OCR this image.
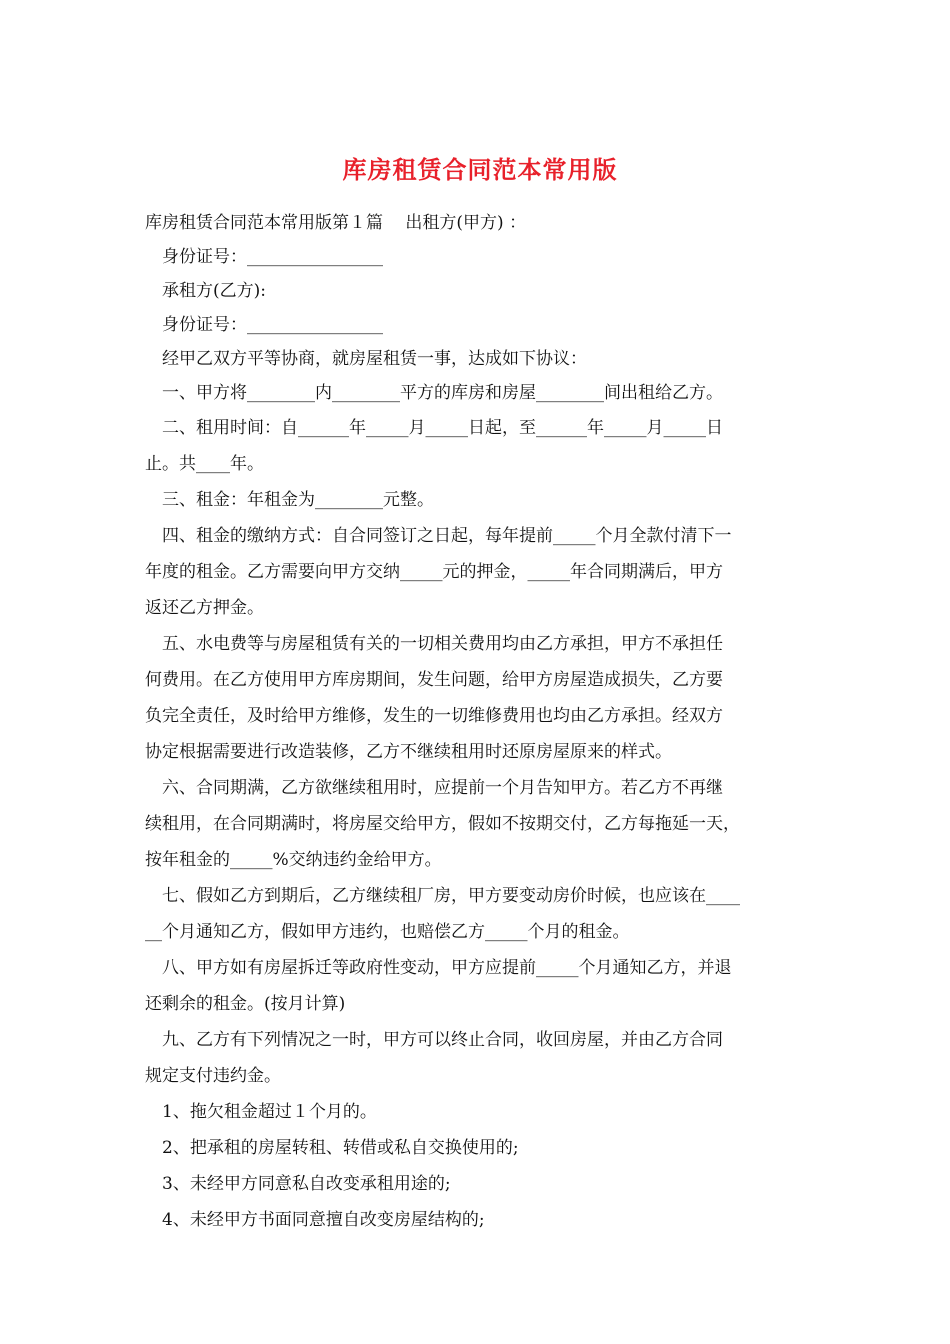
库房租赁合同范本常用版
库房租赁合同范本常用版第１篇　 出租方(甲方) ：
　身份证号：________________
　承租方(乙方):
　身份证号：________________
　经甲乙双方平等协商，就房屋租赁一事，达成如下协议：
　一、甲方将________内________平方的库房和房屋________间出租给乙方。

　二、租用时间：自______年_____月_____日起，至______年_____月_____日
止。共____年。

　三、租金：年租金为________元整。

　四、租金的缴纳方式：自合同签订之日起，每年提前_____个月全款付清下一
年度的租金。乙方需要向甲方交纳_____元的押金，_____年合同期满后，甲方
返还乙方押金。

　五、水电费等与房屋租赁有关的一切相关费用均由乙方承担，甲方不承担任
何费用。在乙方使用甲方库房期间，发生问题，给甲方房屋造成损失，乙方要
负完全责任，及时给甲方维修，发生的一切维修费用也均由乙方承担。经双方
协定根据需要进行改造装修，乙方不继续租用时还原房屋原来的样式。

　六、合同期满，乙方欲继续租用时，应提前一个月告知甲方。若乙方不再继
续租用，在合同期满时，将房屋交给甲方，假如不按期交付，乙方每拖延一天，
按年租金的_____%交纳违约金给甲方。

　七、假如乙方到期后，乙方继续租厂房，甲方要变动房价时候，也应该在____
__个月通知乙方，假如甲方违约，也赔偿乙方_____个月的租金。

　八、甲方如有房屋拆迁等政府性变动，甲方应提前_____个月通知乙方，并退
还剩余的租金。(按月计算)

　九、乙方有下列情况之一时，甲方可以终止合同，收回房屋，并由乙方合同
规定支付违约金。

　1、拖欠租金超过１个月的。
　2、把承租的房屋转租、转借或私自交换使用的;
　3、未经甲方同意私自改变承租用途的;
　4、未经甲方书面同意擅自改变房屋结构的;
